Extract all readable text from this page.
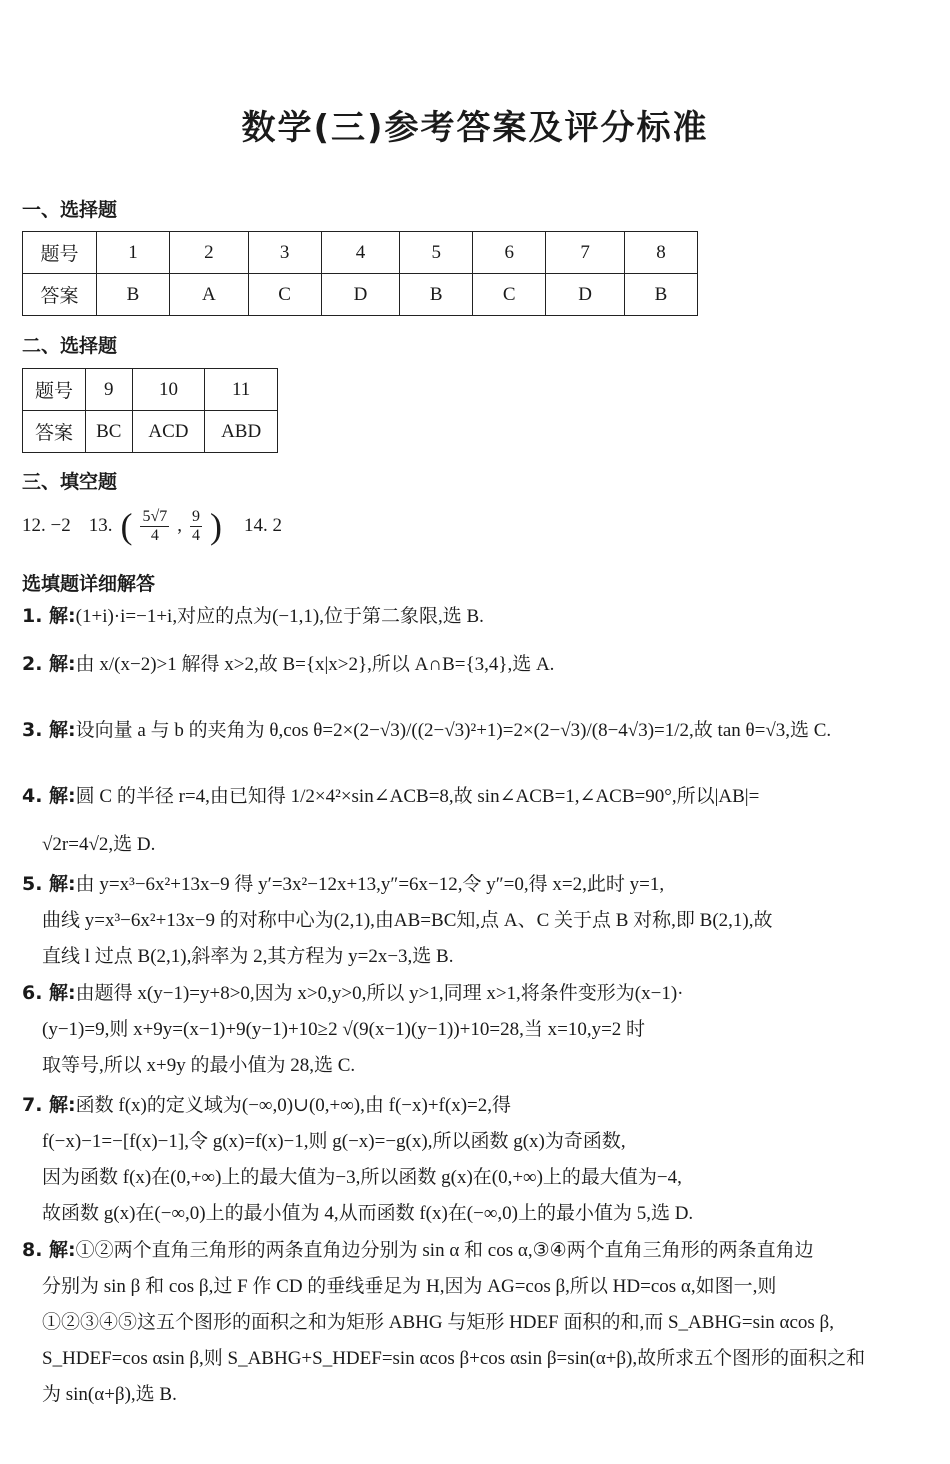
数学(三)参考答案及评分标准
一、选择题
题号	1	2	3	4	5	6	7	8
答案	B	A	C	D	B	C	D	B
二、选择题
题号	9	10	11
答案	BC	ACD	ABD
三、填空题
12. −2 13. ( $\frac{5√7}{4}$ , $\frac{9}{4}$ ) 14. 2
选填题详细解答

1. 解:(1+i)·i=−1+i,对应的点为(−1,1),位于第二象限,选 B.

2. 解:由 x/(x−2)>1 解得 x>2,故 B={x|x>2},所以 A∩B={3,4},选 A.

3. 解:设向量 a 与 b 的夹角为 θ,cos θ=2×(2−√3)/((2−√3)²+1)=2×(2−√3)/(8−4√3)=1/2,故 tan θ=√3,选 C.

4. 解:圆 C 的半径 r=4,由已知得 1/2×4²×sin∠ACB=8,故 sin∠ACB=1,∠ACB=90°,所以|AB|=

√2r=4√2,选 D.

5. 解:由 y=x³−6x²+13x−9 得 y′=3x²−12x+13,y″=6x−12,令 y″=0,得 x=2,此时 y=1,

曲线 y=x³−6x²+13x−9 的对称中心为(2,1),由AB=BC知,点 A、C 关于点 B 对称,即 B(2,1),故

直线 l 过点 B(2,1),斜率为 2,其方程为 y=2x−3,选 B.

6. 解:由题得 x(y−1)=y+8>0,因为 x>0,y>0,所以 y>1,同理 x>1,将条件变形为(x−1)·

(y−1)=9,则 x+9y=(x−1)+9(y−1)+10≥2 √(9(x−1)(y−1))+10=28,当 x=10,y=2 时

取等号,所以 x+9y 的最小值为 28,选 C.

7. 解:函数 f(x)的定义域为(−∞,0)∪(0,+∞),由 f(−x)+f(x)=2,得

f(−x)−1=−[f(x)−1],令 g(x)=f(x)−1,则 g(−x)=−g(x),所以函数 g(x)为奇函数,

因为函数 f(x)在(0,+∞)上的最大值为−3,所以函数 g(x)在(0,+∞)上的最大值为−4,

故函数 g(x)在(−∞,0)上的最小值为 4,从而函数 f(x)在(−∞,0)上的最小值为 5,选 D.

8. 解:①②两个直角三角形的两条直角边分别为 sin α 和 cos α,③④两个直角三角形的两条直角边

分别为 sin β 和 cos β,过 F 作 CD 的垂线垂足为 H,因为 AG=cos β,所以 HD=cos α,如图一,则

①②③④⑤这五个图形的面积之和为矩形 ABHG 与矩形 HDEF 面积的和,而 S_ABHG=sin αcos β,

S_HDEF=cos αsin β,则 S_ABHG+S_HDEF=sin αcos β+cos αsin β=sin(α+β),故所求五个图形的面积之和

为 sin(α+β),选 B.
